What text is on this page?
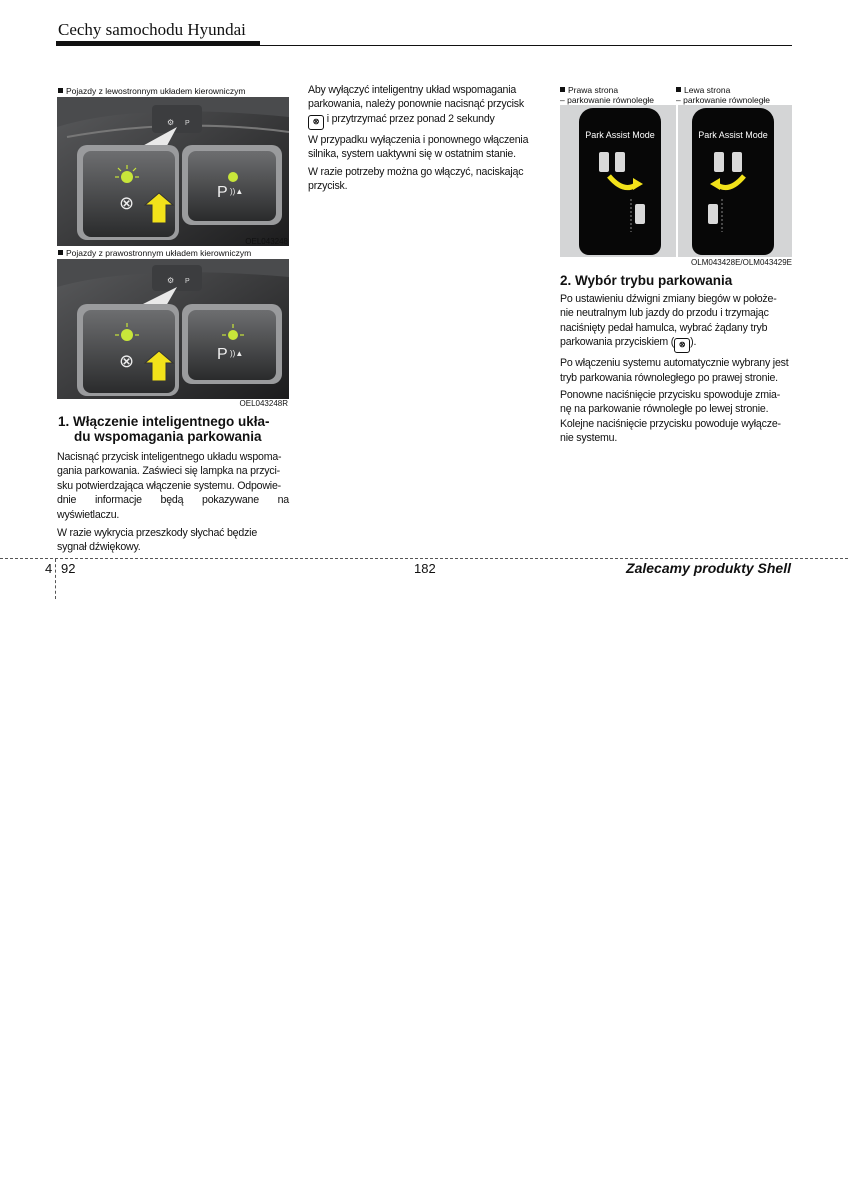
Cechy samochodu Hyundai
Pojazdy z lewostronnym układem kierowniczym
⚙ P
⊗
P ))▲
OEL043248
Pojazdy z prawostronnym układem kierowniczym
⚙ P
⊗	P ))▲
OEL043248R
1. Włączenie inteligentnego ukła-
du wspomagania parkowania

Nacisnąć przycisk inteligentnego układu wspoma-

gania parkowania. Zaświeci się lampka na przyci-

sku potwierdzająca włączenie systemu. Odpowie-

dnie informacje będą pokazywane na wyświetlaczu.

W razie wykrycia przeszkody słychać będzie

sygnał dźwiękowy.

Aby wyłączyć inteligentny układ wspomagania

parkowania, należy ponownie nacisnąć przycisk

⊗ i przytrzymać przez ponad 2 sekundy

W przypadku wyłączenia i ponownego włączenia

silnika, system uaktywni się w ostatnim stanie.

W razie potrzeby można go włączyć, naciskając

przycisk.

Prawa strona
– parkowanie równoległe
Lewa strona
– parkowanie równoległe
Park Assist Mode	Park Assist Mode
OLM043428E/OLM043429E
2. Wybór trybu parkowania

Po ustawieniu dźwigni zmiany biegów w położe-

nie neutralnym lub jazdy do przodu i trzymając

naciśnięty pedał hamulca, wybrać żądany tryb

parkowania przyciskiem ( ⊗ ).

Po włączeniu systemu automatycznie wybrany jest

tryb parkowania równoległego po prawej stronie.

Ponowne naciśnięcie przycisku spowoduje zmia-

nę na parkowanie równoległe po lewej stronie.

Kolejne naciśnięcie przycisku powoduje wyłącze-

nie systemu.

4 92	182	Zalecamy produkty Shell
